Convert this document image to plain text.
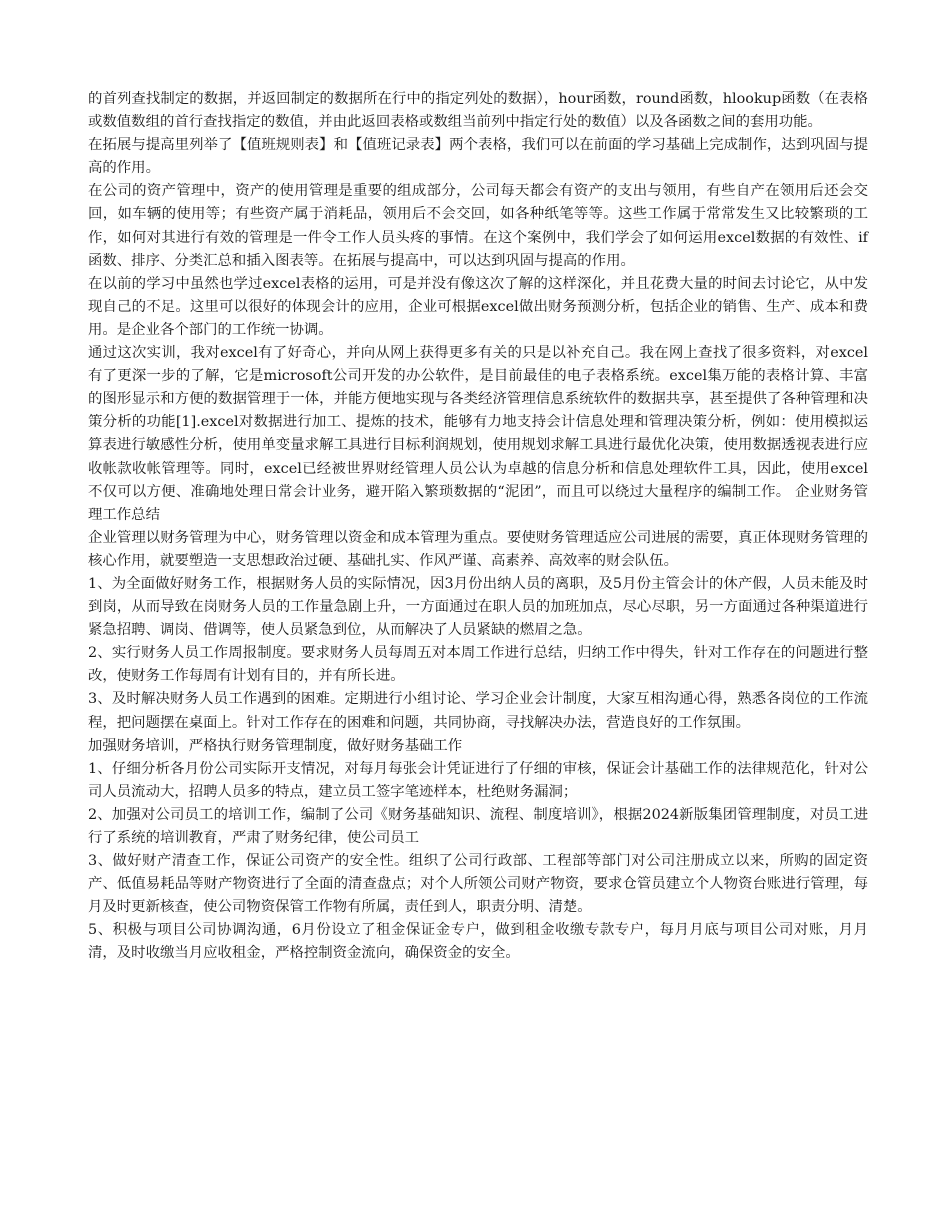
的首列查找制定的数据，并返回制定的数据所在行中的指定列处的数据），hour函数，round函数，hlookup函数（在表格或数值数组的首行查找指定的数值，并由此返回表格或数组当前列中指定行处的数值）以及各函数之间的套用功能。

在拓展与提高里列举了【值班规则表】和【值班记录表】两个表格，我们可以在前面的学习基础上完成制作，达到巩固与提高的作用。

在公司的资产管理中，资产的使用管理是重要的组成部分，公司每天都会有资产的支出与领用，有些自产在领用后还会交回，如车辆的使用等；有些资产属于消耗品，领用后不会交回，如各种纸笔等等。这些工作属于常常发生又比较繁琐的工作，如何对其进行有效的管理是一件令工作人员头疼的事情。在这个案例中，我们学会了如何运用excel数据的有效性、if函数、排序、分类汇总和插入图表等。在拓展与提高中，可以达到巩固与提高的作用。

在以前的学习中虽然也学过excel表格的运用，可是并没有像这次了解的这样深化，并且花费大量的时间去讨论它，从中发现自己的不足。这里可以很好的体现会计的应用，企业可根据excel做出财务预测分析，包括企业的销售、生产、成本和费用。是企业各个部门的工作统一协调。

通过这次实训，我对excel有了好奇心，并向从网上获得更多有关的只是以补充自己。我在网上查找了很多资料，对excel有了更深一步的了解，它是microsoft公司开发的办公软件，是目前最佳的电子表格系统。excel集万能的表格计算、丰富的图形显示和方便的数据管理于一体，并能方便地实现与各类经济管理信息系统软件的数据共享，甚至提供了各种管理和决策分析的功能[1].excel对数据进行加工、提炼的技术，能够有力地支持会计信息处理和管理决策分析，例如：使用模拟运算表进行敏感性分析，使用单变量求解工具进行目标利润规划，使用规划求解工具进行最优化决策，使用数据透视表进行应收帐款收帐管理等。同时，excel已经被世界财经管理人员公认为卓越的信息分析和信息处理软件工具，因此，使用excel不仅可以方便、准确地处理日常会计业务，避开陷入繁琐数据的“泥团”，而且可以绕过大量程序的编制工作。 企业财务管理工作总结

企业管理以财务管理为中心，财务管理以资金和成本管理为重点。要使财务管理适应公司进展的需要，真正体现财务管理的核心作用，就要塑造一支思想政治过硬、基础扎实、作风严谨、高素养、高效率的财会队伍。

1、为全面做好财务工作，根据财务人员的实际情况，因3月份出纳人员的离职，及5月份主管会计的休产假，人员未能及时到岗，从而导致在岗财务人员的工作量急剧上升，一方面通过在职人员的加班加点，尽心尽职，另一方面通过各种渠道进行紧急招聘、调岗、借调等，使人员紧急到位，从而解决了人员紧缺的燃眉之急。

2、实行财务人员工作周报制度。要求财务人员每周五对本周工作进行总结，归纳工作中得失，针对工作存在的问题进行整改，使财务工作每周有计划有目的，并有所长进。

3、及时解决财务人员工作遇到的困难。定期进行小组讨论、学习企业会计制度，大家互相沟通心得，熟悉各岗位的工作流程，把问题摆在桌面上。针对工作存在的困难和问题，共同协商，寻找解决办法，营造良好的工作氛围。

加强财务培训，严格执行财务管理制度，做好财务基础工作

1、仔细分析各月份公司实际开支情况，对每月每张会计凭证进行了仔细的审核，保证会计基础工作的法律规范化，针对公司人员流动大，招聘人员多的特点，建立员工签字笔迹样本，杜绝财务漏洞；

2、加强对公司员工的培训工作，编制了公司《财务基础知识、流程、制度培训》，根据2024新版集团管理制度，对员工进行了系统的培训教育，严肃了财务纪律，使公司员工

3、做好财产清查工作，保证公司资产的安全性。组织了公司行政部、工程部等部门对公司注册成立以来，所购的固定资产、低值易耗品等财产物资进行了全面的清查盘点；对个人所领公司财产物资，要求仓管员建立个人物资台账进行管理，每月及时更新核查，使公司物资保管工作物有所属，责任到人，职责分明、清楚。

5、积极与项目公司协调沟通，6月份设立了租金保证金专户，做到租金收缴专款专户，每月月底与项目公司对账，月月清，及时收缴当月应收租金，严格控制资金流向，确保资金的安全。
